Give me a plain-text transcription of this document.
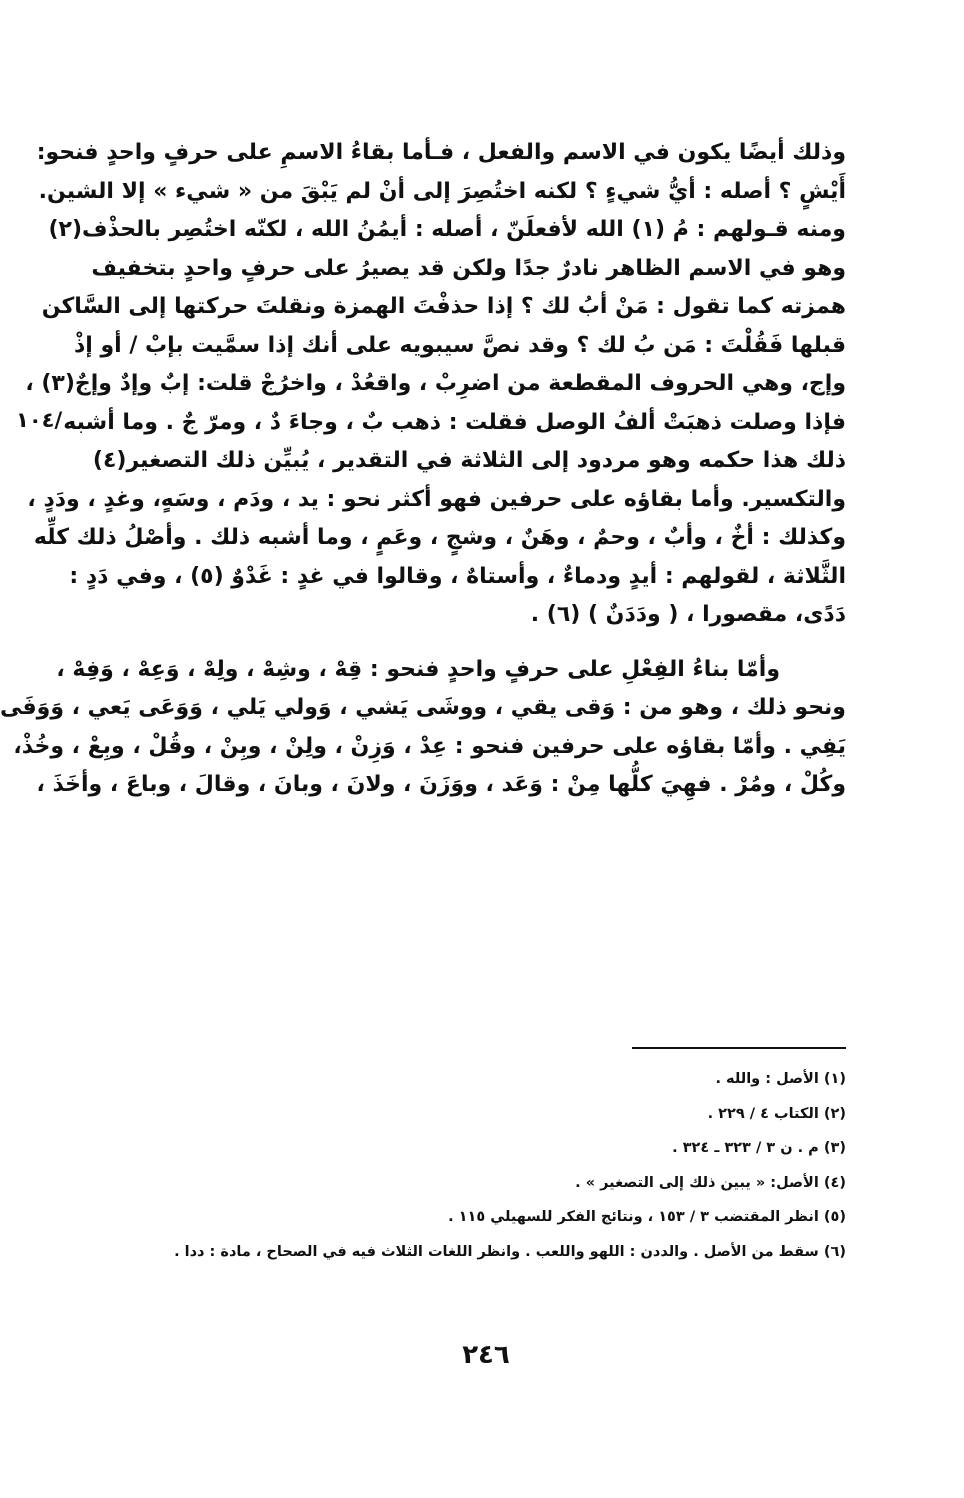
وذلك أيضًا يكون في الاسم والفعل ، فـأما بقاءُ الاسمِ على حرفٍ واحدٍ فنحو:
أَيْشٍ ؟ أصله : أيُّ شيءٍ ؟ لكنه اختُصِرَ إلى أنْ لم يَبْقَ من « شيء » إلا الشين.
ومنه قـولهم : مُ (١) الله لأفعلَنّ ، أصله : أيمُنُ الله ، لكنّه اختُصِر بالحذْف(٢)
وهو في الاسم الظاهر نادرٌ جدًا ولكن قد يصيرُ على حرفٍ واحدٍ بتخفيف
همزته كما تقول : مَنْ أبُ لك ؟ إذا حذفْتَ الهمزة ونقلتَ حركتها إلى السَّاكن
قبلها فَقُلْتَ : مَن بُ لك ؟ وقد نصَّ سيبويه على أنك إذا سمَّيت بإبْ / أو إذْ
وإج، وهي الحروف المقطعة من اضرِبْ ، واقعُدْ ، واخرُجْ قلت: إبٌ وإدٌ وإجٌ(٣) ،
فإذا وصلت ذهبَتْ ألفُ الوصل فقلت : ذهب بٌ ، وجاءَ دٌ ، ومرّ جٌ . وما أشبه
ذلك هذا حكمه وهو مردود إلى الثلاثة في التقدير ، يُبيِّن ذلك التصغير(٤)
والتكسير. وأما بقاؤه على حرفين فهو أكثر نحو : يد ، ودَم ، وسَهٍ، وغدٍ ، ودَدٍ ،
وكذلك : أخٌ ، وأبٌ ، وحمٌ ، وهَنٌ ، وشجٍ ، وعَمٍ ، وما أشبه ذلك . وأصْلُ ذلك كلِّه
الثَّلاثة ، لقولهم : أيدٍ ودماءٌ ، وأستاهٌ ، وقالوا في غدٍ : غَدْوٌ (٥) ، وفي دَدٍ :
دَدًى، مقصورا ، ( ودَدَنٌ ) (٦) .
وأمّا بناءُ الفِعْلِ على حرفٍ واحدٍ فنحو : قِهْ ، وشِهْ ، ولِهْ ، وَعِهْ ، وَفِهْ ،
ونحو ذلك ، وهو من : وَقى يقي ، ووشَى يَشي ، وَولي يَلي ، وَوَعَى يَعي ، وَوَفَى
يَفِي . وأمّا بقاؤه على حرفين فنحو : عِدْ ، وَزِنْ ، ولِنْ ، وبِنْ ، وقُلْ ، وبِعْ ، وخُذْ،
وكُلْ ، ومُرْ . فهِيَ كلُّها مِنْ : وَعَد ، ووَزَنَ ، ولانَ ، وبانَ ، وقالَ ، وباعَ ، وأخَذَ ،
/١٠٤
(١) الأصل : والله .
(٢) الكتاب ٤ / ٢٢٩ .
(٣) م . ن ٣ / ٣٢٣ ـ ٣٢٤ .
(٤) الأصل: « يبين ذلك إلى التصغير » .
(٥) انظر المقتضب ٣ / ١٥٣ ، ونتائج الفكر للسهيلي ١١٥ .
(٦) سقط من الأصل . والددن : اللهو واللعب . وانظر اللغات الثلاث فيه في الصحاح ، مادة : ددا .
٢٤٦
